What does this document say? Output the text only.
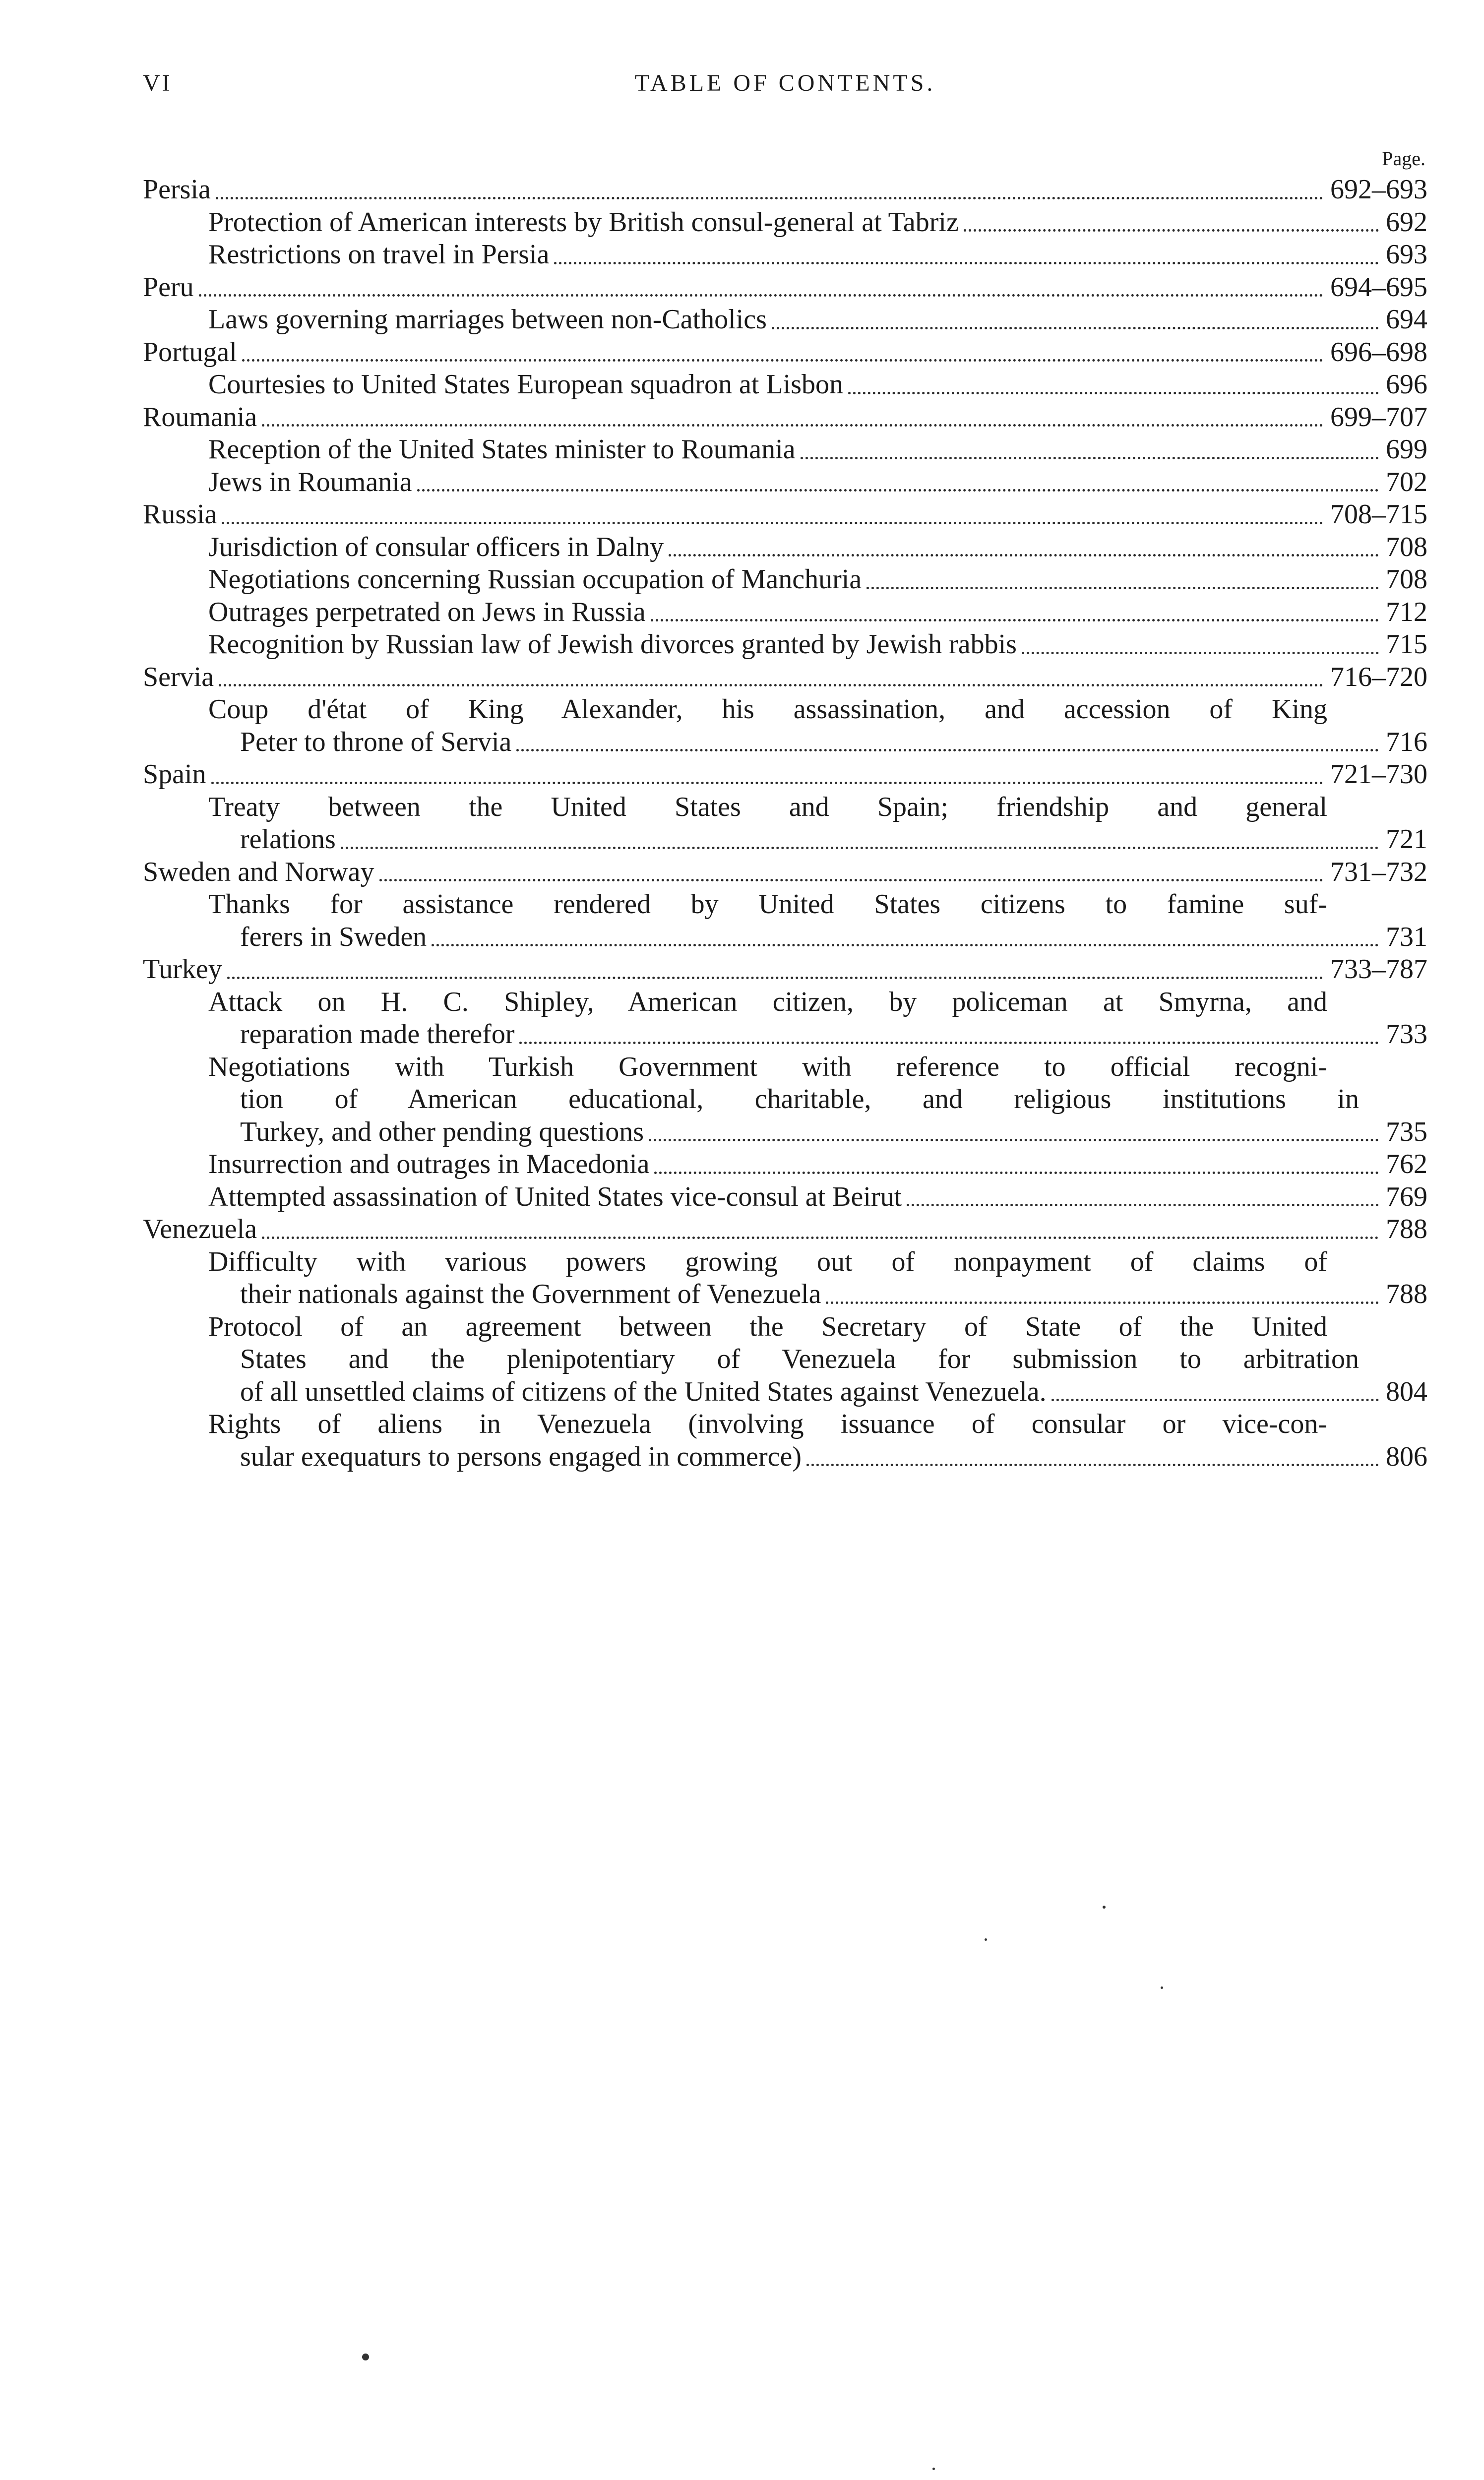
VI	TABLE OF CONTENTS.
Page.
Persia	692–693
Protection of American interests by British consul-general at Tabriz	692
Restrictions on travel in Persia	693
Peru	694–695
Laws governing marriages between non-Catholics	694
Portugal	696–698
Courtesies to United States European squadron at Lisbon	696
Roumania	699–707
Reception of the United States minister to Roumania	699
Jews in Roumania	702
Russia	708–715
Jurisdiction of consular officers in Dalny	708
Negotiations concerning Russian occupation of Manchuria	708
Outrages perpetrated on Jews in Russia	712
Recognition by Russian law of Jewish divorces granted by Jewish rabbis	715
Servia	716–720
Coup d'état of King Alexander, his assassination, and accession of King
Peter to throne of Servia	716
Spain	721–730
Treaty between the United States and Spain; friendship and general
relations	721
Sweden and Norway	731–732
Thanks for assistance rendered by United States citizens to famine suf-
ferers in Sweden	731
Turkey	733–787
Attack on H. C. Shipley, American citizen, by policeman at Smyrna, and
reparation made therefor	733
Negotiations with Turkish Government with reference to official recogni-
tion of American educational, charitable, and religious institutions in
Turkey, and other pending questions	735
Insurrection and outrages in Macedonia	762
Attempted assassination of United States vice-consul at Beirut	769
Venezuela	788
Difficulty with various powers growing out of nonpayment of claims of
their nationals against the Government of Venezuela	788
Protocol of an agreement between the Secretary of State of the United
States and the plenipotentiary of Venezuela for submission to arbitration
of all unsettled claims of citizens of the United States against Venezuela.	804
Rights of aliens in Venezuela (involving issuance of consular or vice-con-
sular exequaturs to persons engaged in commerce)	806
